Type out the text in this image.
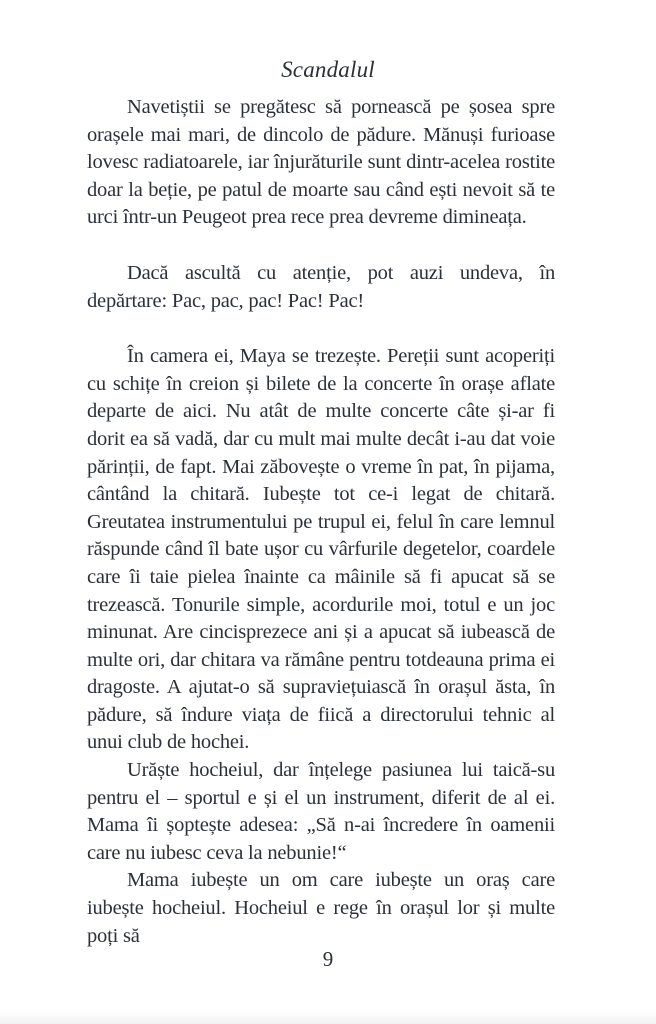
Scandalul

Navetiștii se pregătesc să pornească pe șosea spre orașele mai mari, de dincolo de pădure. Mănuși furioase lovesc radiatoarele, iar înjurăturile sunt dintr-acelea rostite doar la beție, pe patul de moarte sau când ești nevoit să te urci într-un Peugeot prea rece prea devreme dimineața.

Dacă ascultă cu atenție, pot auzi undeva, în depărtare: Pac, pac, pac! Pac! Pac!

În camera ei, Maya se trezește. Pereții sunt acoperiți cu schițe în creion și bilete de la concerte în orașe aflate departe de aici. Nu atât de multe concerte câte și-ar fi dorit ea să vadă, dar cu mult mai multe decât i-au dat voie părinții, de fapt. Mai zăbovește o vreme în pat, în pijama, cântând la chitară. Iubește tot ce-i legat de chitară. Greutatea instrumentului pe trupul ei, felul în care lemnul răspunde când îl bate ușor cu vârfurile degetelor, coardele care îi taie pielea înainte ca mâinile să fi apucat să se trezească. Tonurile simple, acordurile moi, totul e un joc minunat. Are cincisprezece ani și a apucat să iubească de multe ori, dar chitara va rămâne pentru totdeauna prima ei dragoste. A ajutat-o să supraviețuiască în orașul ăsta, în pădure, să îndure viața de fiică a directorului tehnic al unui club de hochei.

Urăște hocheiul, dar înțelege pasiunea lui taică-su pentru el – sportul e și el un instrument, diferit de al ei. Mama îi șoptește adesea: „Să n-ai încredere în oamenii care nu iubesc ceva la nebunie!“

Mama iubește un om care iubește un oraș care iubește hocheiul. Hocheiul e rege în orașul lor și multe poți să

9
